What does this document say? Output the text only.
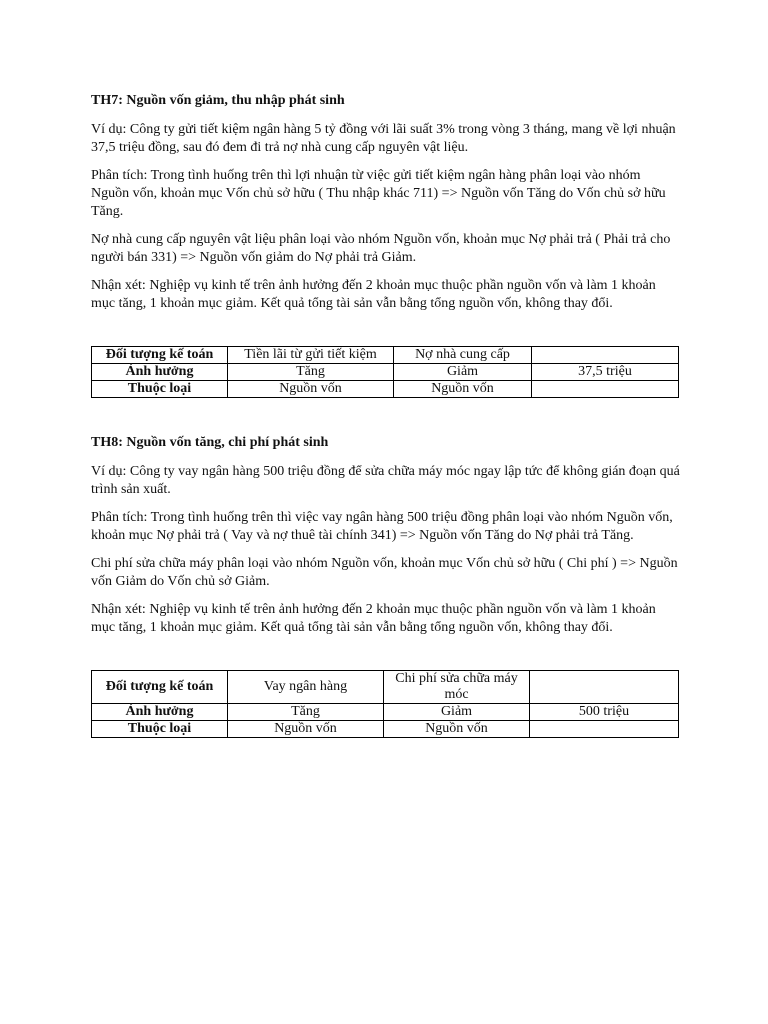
TH7: Nguồn vốn giảm, thu nhập phát sinh

Ví dụ: Công ty gửi tiết kiệm ngân hàng 5 tỷ đồng với lãi suất 3% trong vòng 3 tháng, mang về lợi nhuận 37,5 triệu đồng, sau đó đem đi trả nợ nhà cung cấp nguyên vật liệu.

Phân tích: Trong tình huống trên thì lợi nhuận từ việc gửi tiết kiệm ngân hàng phân loại vào nhóm Nguồn vốn, khoản mục Vốn chủ sở hữu ( Thu nhập khác 711) => Nguồn vốn Tăng do Vốn chủ sở hữu Tăng.

Nợ nhà cung cấp nguyên vật liệu phân loại vào nhóm Nguồn vốn, khoản mục Nợ phải trả ( Phải trả cho người bán 331) => Nguồn vốn giảm do Nợ phải trả Giảm.

Nhận xét: Nghiệp vụ kinh tế trên ảnh hưởng đến 2 khoản mục thuộc phần nguồn vốn và làm 1 khoản mục tăng, 1 khoản mục giảm. Kết quả tổng tài sản vẫn bằng tổng nguồn vốn, không thay đổi.

Đối tượng kế toán	Tiền lãi từ gửi tiết kiệm	Nợ nhà cung cấp	
Ảnh hưởng	Tăng	Giảm	37,5 triệu
Thuộc loại	Nguồn vốn	Nguồn vốn	
TH8: Nguồn vốn tăng, chi phí phát sinh

Ví dụ: Công ty vay ngân hàng 500 triệu đồng để sửa chữa máy móc ngay lập tức để không gián đoạn quá trình sản xuất.

Phân tích: Trong tình huống trên thì việc vay ngân hàng 500 triệu đồng phân loại vào nhóm Nguồn vốn, khoản mục Nợ phải trả ( Vay và nợ thuê tài chính 341) => Nguồn vốn Tăng do Nợ phải trả Tăng.

Chi phí sửa chữa máy phân loại vào nhóm Nguồn vốn, khoản mục Vốn chủ sở hữu ( Chi phí ) => Nguồn vốn Giảm do Vốn chủ sở Giảm.

Nhận xét: Nghiệp vụ kinh tế trên ảnh hưởng đến 2 khoản mục thuộc phần nguồn vốn và làm 1 khoản mục tăng, 1 khoản mục giảm. Kết quả tổng tài sản vẫn bằng tổng nguồn vốn, không thay đổi.

Đối tượng kế toán	Vay ngân hàng	Chi phí sửa chữa máy móc	
Ảnh hưởng	Tăng	Giảm	500 triệu
Thuộc loại	Nguồn vốn	Nguồn vốn	
